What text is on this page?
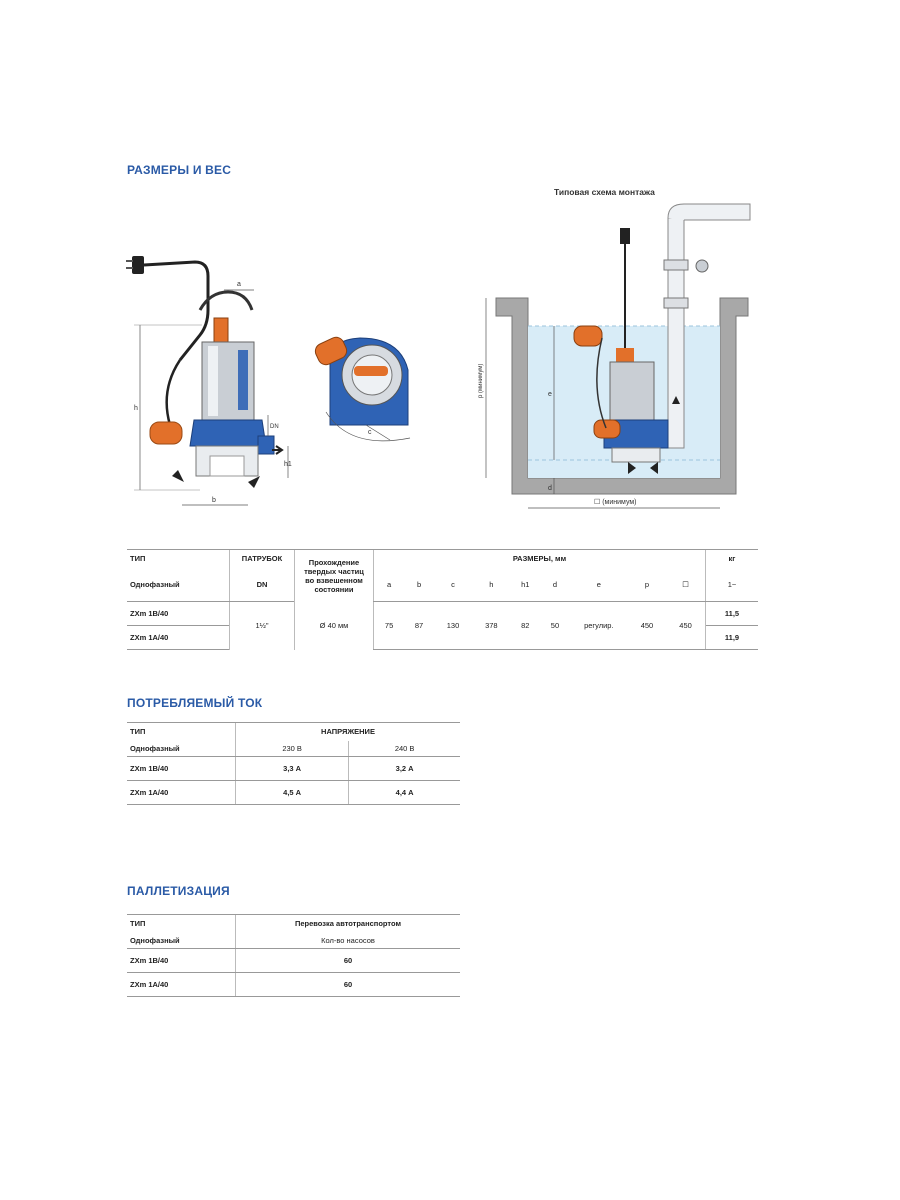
РАЗМЕРЫ И ВЕС
h
a
b
h1
DN
c
Типовая схема монтажа
p (минимум)	e
d
☐ (минимум)
ТИП	ПАТРУБОК	Прохождение
твердых частиц
во взвешенном
состоянии	РАЗМЕРЫ, мм									кг
Однофазный	DN		a	b	c	h	h1	d	e	p	☐	1~
ZXm 1B/40	1½"	Ø 40 мм	75	87	130	378	82	50	регулир.	450	450	11,5
ZXm 1A/40												11,9
ПОТРЕБЛЯЕМЫЙ ТОК
ТИП	НАПРЯЖЕНИЕ	
Однофазный	230 В	240 В
ZXm 1B/40	3,3 А	3,2 А
ZXm 1A/40	4,5 А	4,4 А
ПАЛЛЕТИЗАЦИЯ
ТИП	Перевозка автотранспортом
Однофазный	Кол-во насосов
ZXm 1B/40	60
ZXm 1A/40	60
